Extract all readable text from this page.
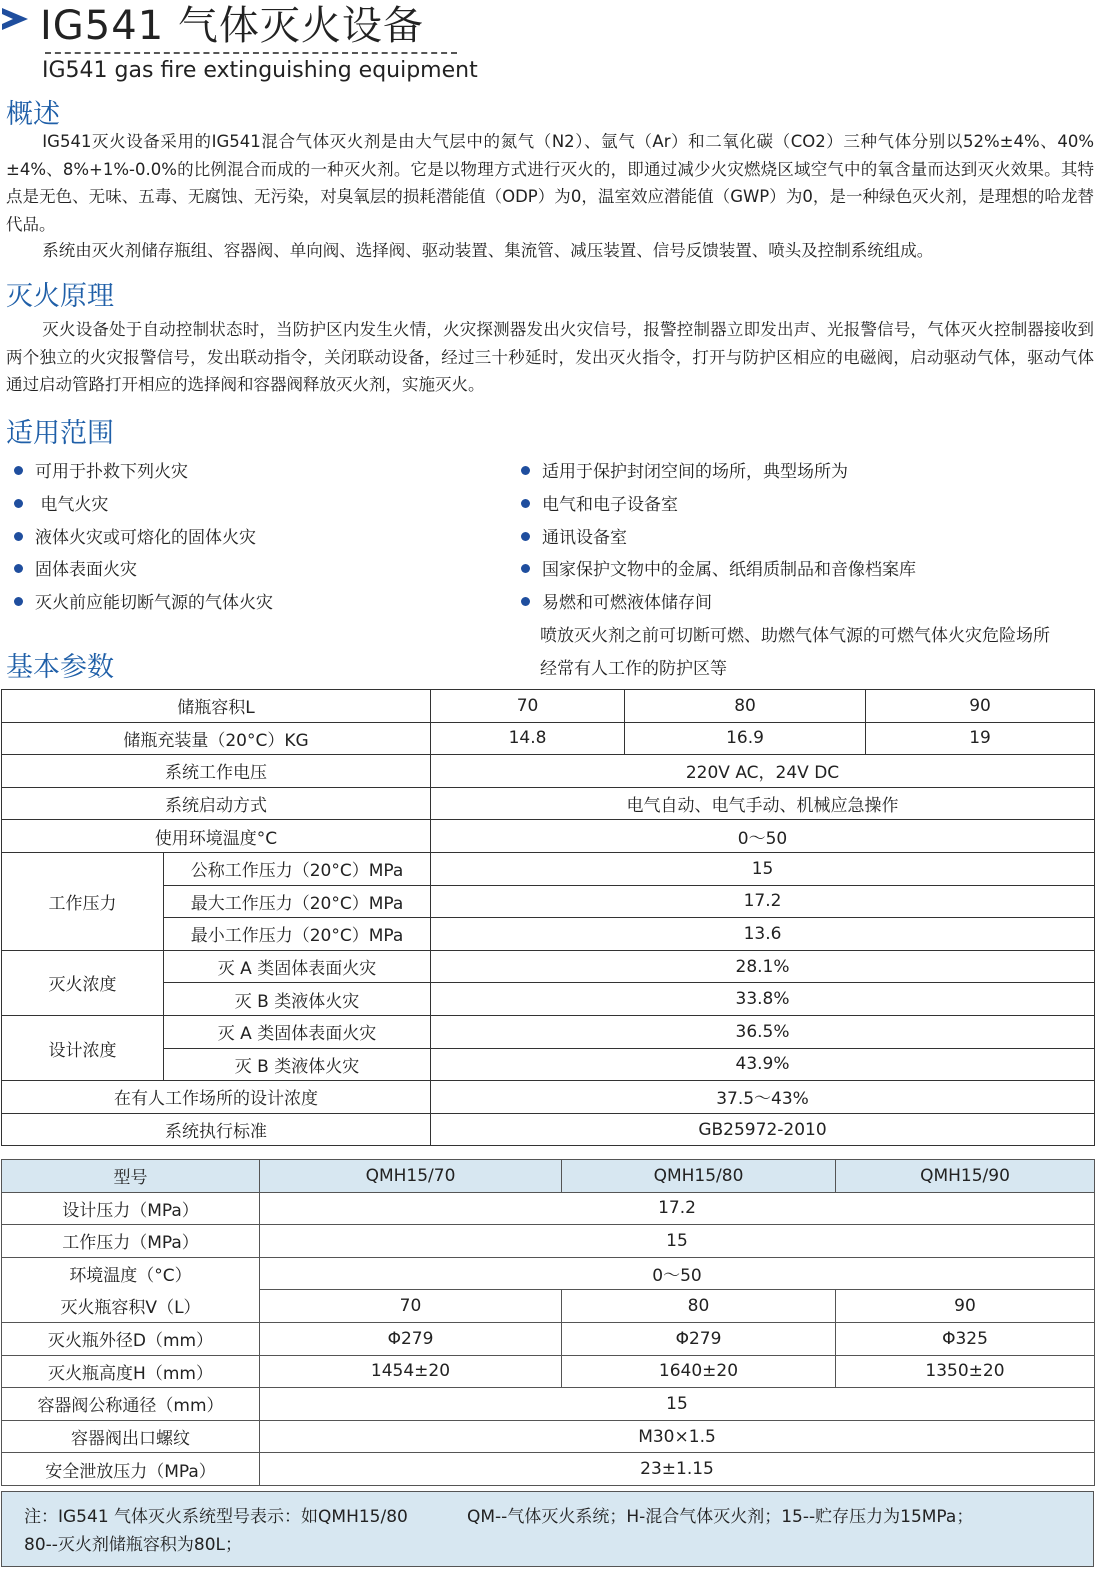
IG541 气体灭火设备
IG541 gas fire extinguishing equipment
概述
IG541灭火设备采用的IG541混合气体灭火剂是由大气层中的氮气（N2）、氩气（Ar）和二氧化碳（CO2）三种气体分别以52%±4%、40%±4%、8%+1%-0.0%的比例混合而成的一种灭火剂。它是以物理方式进行灭火的，即通过减少火灾燃烧区域空气中的氧含量而达到灭火效果。其特点是无色、无味、五毒、无腐蚀、无污染，对臭氧层的损耗潜能值（ODP）为0，温室效应潜能值（GWP）为0，是一种绿色灭火剂，是理想的哈龙替代品。
系统由灭火剂储存瓶组、容器阀、单向阀、选择阀、驱动装置、集流管、减压装置、信号反馈装置、喷头及控制系统组成。
灭火原理
灭火设备处于自动控制状态时，当防护区内发生火情，火灾探测器发出火灾信号，报警控制器立即发出声、光报警信号，气体灭火控制器接收到两个独立的火灾报警信号，发出联动指令，关闭联动设备，经过三十秒延时，发出灭火指令，打开与防护区相应的电磁阀，启动驱动气体，驱动气体通过启动管路打开相应的选择阀和容器阀释放灭火剂，实施灭火。
适用范围
可用于扑救下列火灾
电气火灾
液体火灾或可熔化的固体火灾
固体表面火灾
灭火前应能切断气源的气体火灾
适用于保护封闭空间的场所，典型场所为
电气和电子设备室
通讯设备室
国家保护文物中的金属、纸绢质制品和音像档案库
易燃和可燃液体储存间
喷放灭火剂之前可切断可燃、助燃气体气源的可燃气体火灾危险场所
经常有人工作的防护区等
基本参数
储瓶容积L		70	80	90
储瓶充装量（20°C）KG		14.8	16.9	19
系统工作电压		220V AC，24V DC		
系统启动方式		电气自动、电气手动、机械应急操作		
使用环境温度°C		0～50		
工作压力	公称工作压力（20°C）MPa	15		
	最大工作压力（20°C）MPa	17.2		
	最小工作压力（20°C）MPa	13.6		
灭火浓度	灭 A 类固体表面火灾	28.1%		
	灭 B 类液体火灾	33.8%		
设计浓度	灭 A 类固体表面火灾	36.5%		
	灭 B 类液体火灾	43.9%		
在有人工作场所的设计浓度		37.5～43%		
系统执行标准		GB25972-2010		
型号	QMH15/70	QMH15/80	QMH15/90
设计压力（MPa）	17.2		
工作压力（MPa）	15		
环境温度（°C）	0～50		
灭火瓶容积V（L）	70	80	90
灭火瓶外径D（mm）	Φ279	Φ279	Φ325
灭火瓶高度H（mm）	1454±20	1640±20	1350±20
容器阀公称通径（mm）	15		
容器阀出口螺纹	M30×1.5		
安全泄放压力（MPa）	23±1.15		
注：IG541 气体灭火系统型号表示：如QMH15/80	QM--气体灭火系统；H-混合气体灭火剂；15--贮存压力为15MPa；
80--灭火剂储瓶容积为80L；
